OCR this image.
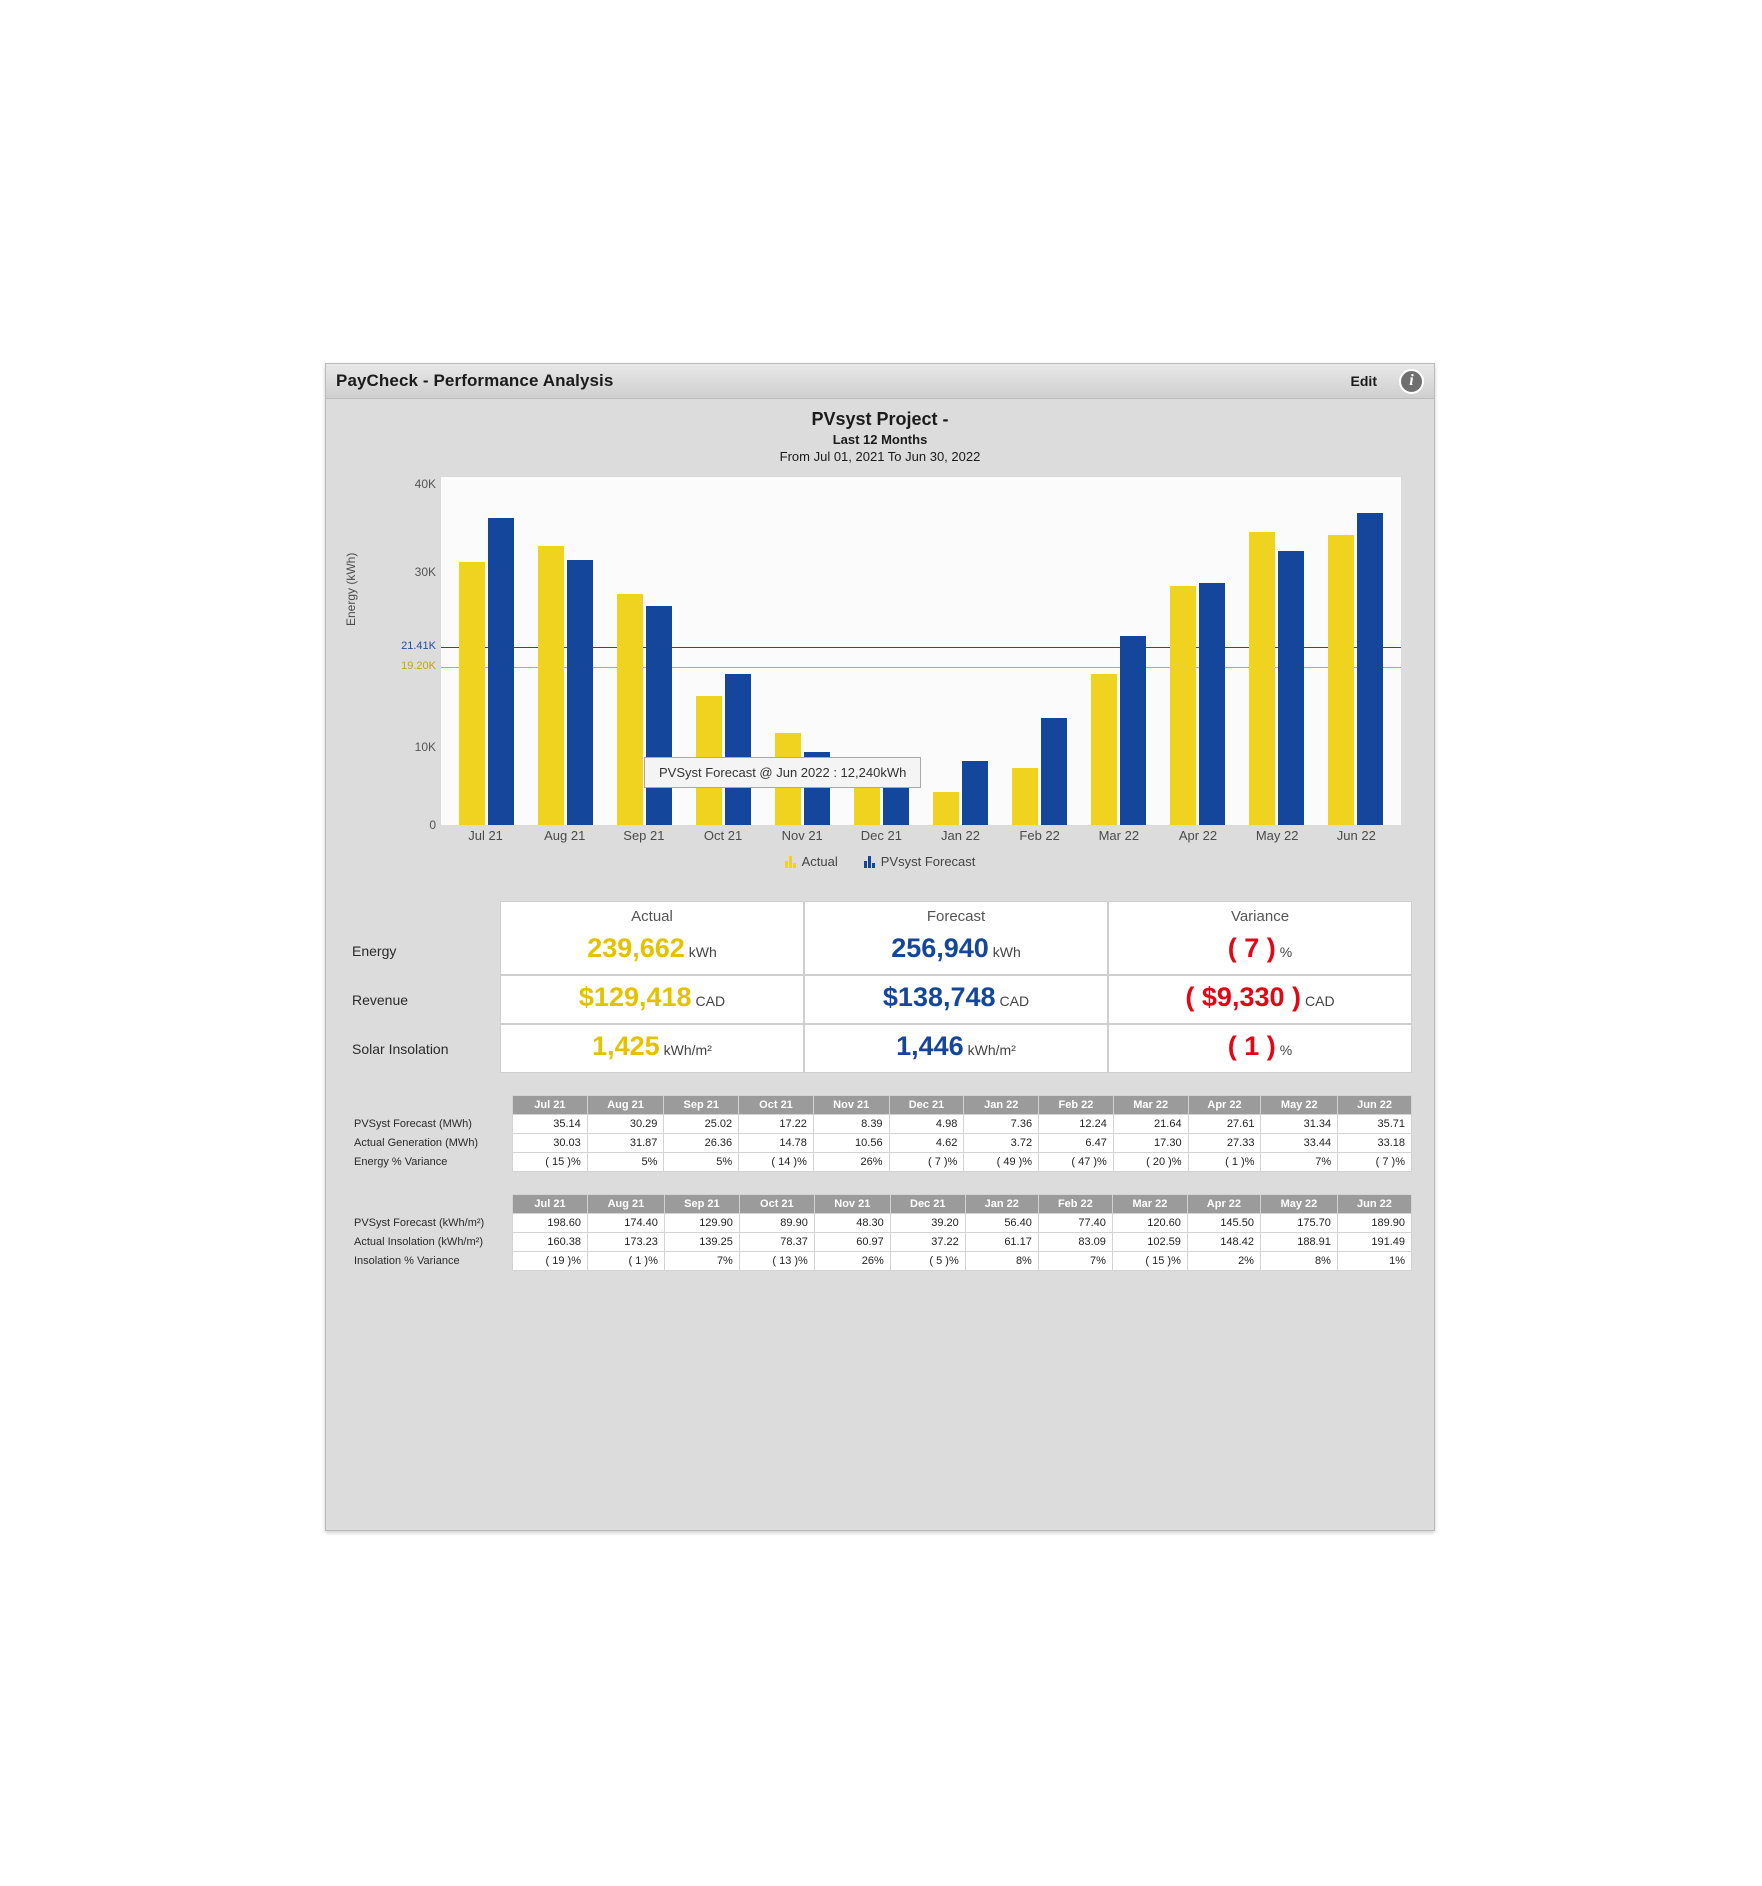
PayCheck - Performance Analysis	Edit	i
PVsyst Project -
Last 12 Months
From Jul 01, 2021 To Jun 30, 2022
Energy (kWh)
40K
30K
21.41K
19.20K
10K
0
PVSyst Forecast @ Jun 2022 : 12,240kWh
Jul 21	Aug 21	Sep 21	Oct 21	Nov 21	Dec 21	Jan 22	Feb 22	Mar 22	Apr 22	May 22	Jun 22
Actual	PVsyst Forecast
Actual	Forecast	Variance
Energy	239,662 kWh	256,940 kWh	( 7 ) %
Revenue	$129,418 CAD	$138,748 CAD	( $9,330 ) CAD
Solar Insolation	1,425 kWh/m²	1,446 kWh/m²	( 1 ) %
	Jul 21	Aug 21	Sep 21	Oct 21	Nov 21	Dec 21	Jan 22	Feb 22	Mar 22	Apr 22	May 22	Jun 22
PVSyst Forecast (MWh)	35.14	30.29	25.02	17.22	8.39	4.98	7.36	12.24	21.64	27.61	31.34	35.71
Actual Generation (MWh)	30.03	31.87	26.36	14.78	10.56	4.62	3.72	6.47	17.30	27.33	33.44	33.18
Energy % Variance	( 15 )%	5%	5%	( 14 )%	26%	( 7 )%	( 49 )%	( 47 )%	( 20 )%	( 1 )%	7%	( 7 )%
	Jul 21	Aug 21	Sep 21	Oct 21	Nov 21	Dec 21	Jan 22	Feb 22	Mar 22	Apr 22	May 22	Jun 22
PVSyst Forecast (kWh/m²)	198.60	174.40	129.90	89.90	48.30	39.20	56.40	77.40	120.60	145.50	175.70	189.90
Actual Insolation (kWh/m²)	160.38	173.23	139.25	78.37	60.97	37.22	61.17	83.09	102.59	148.42	188.91	191.49
Insolation % Variance	( 19 )%	( 1 )%	7%	( 13 )%	26%	( 5 )%	8%	7%	( 15 )%	2%	8%	1%
